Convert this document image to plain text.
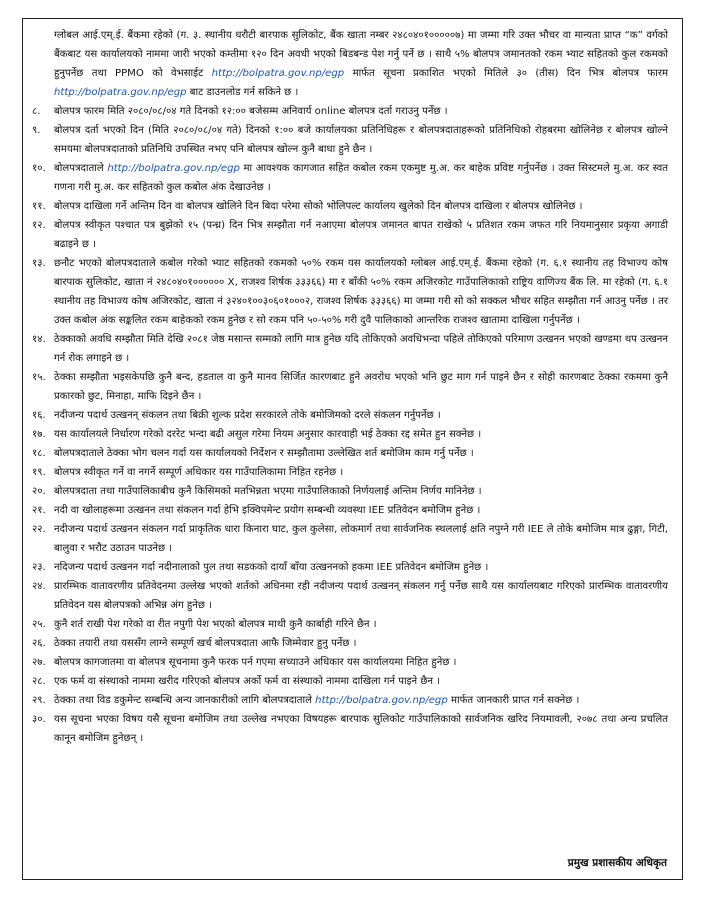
ग्लोबल आई.एम्.ई. बैंकमा रहेको (ग. ३. स्थानीय धरौटी बारपाक सुलिकोट, बैंक खाता नम्बर २४८०४०१०००००७) मा जम्मा गरि उक्त भौचर वा मान्यता प्राप्त “क” वर्गको बैंकबाट यस कार्यालयको नाममा जारी भएको कम्तीमा १२० दिन अवधी भएको बिडबन्ड पेश गर्नु पर्ने छ । साथै ५% बोलपत्र जमानतको रकम भ्याट सहितको कुल रकमको हुनुपर्नेछ तथा PPMO को वेभसाईट http://bolpatra.gov.np/egp मार्फत सूचना प्रकाशित भएको मितिले ३० (तीस) दिन भित्र बोलपत्र फारम http://bolpatra.gov.np/egp बाट डाउनलोड गर्न सकिने छ ।

८.	बोलपत्र फारम मिति २०८०/०८/०४ गते दिनको १२:०० बजेसम्म अनिवार्य online बोलपत्र दर्ता गराउनु पर्नेछ ।
९.	बोलपत्र दर्ता भएको दिन (मिति २०८०/०८/०४ गते) दिनको १:०० बजे कार्यालयका प्रतिनिधिहरू र बोलपत्रदाताहरूको प्रतिनिधिको रोहबरमा खोलिनेछ र बोलपत्र खोल्ने समयमा बोलपत्रदाताको प्रतिनिधि उपस्थित नभए पनि बोलपत्र खोल्न कुनै बाधा हुने छैन ।
१०. बोलपत्रदाताले http://bolpatra.gov.np/egp मा आवश्यक कागजात सहित कबोल रकम एकमुष्ट मु.अ. कर बाहेक प्रविष्ट गर्नुपर्नेछ । उक्त सिस्टमले मु.अ. कर स्वत गणना गरी मु.अ. कर सहितको कुल कबोल अंक देखाउनेछ ।
११. बोलपत्र दाखिला गर्ने अन्तिम दिन वा बोलपत्र खोलिने दिन बिदा परेमा सोको भोलिपल्ट कार्यालय खुलेको दिन बोलपत्र दाखिला र बोलपत्र खोलिनेछ ।
१२. बोलपत्र स्वीकृत पश्चात पत्र बुझेको १५ (पन्ध्र) दिन भित्र सम्झौता गर्न नआएमा बोलपत्र जमानत बापत राखेको ५ प्रतिशत रकम जफत गरि नियमानुसार प्रकृया अगाडी बढाइने छ ।
१३. छनौट भएको बोलपत्रदाताले कबोल गरेको भ्याट सहितको रकमको ५०% रकम यस कार्यालयको ग्लोबल आई.एम्.ई. बैंकमा रहेको (ग. ६.१ स्थानीय तह विभाज्य कोष बारपाक सुलिकोट, खाता नं २४८०४०१०००००० X, राजश्व शिर्षक ३३३६६) मा र बाँकी ५०% रकम अजिरकोट गाउँपालिकाको राष्ट्रिय वाणिज्य बैंक लि. मा रहेको (ग. ६.१ स्थानीय तह विभाज्य कोष अजिरकोट, खाता नं ३२४०१००३०६०१०००२, राजश्व शिर्षक ३३३६६) मा जम्मा गरी सो को सक्कल भौचर सहित सम्झौता गर्न आउनु पर्नेछ । तर उक्त कबोल अंक सङ्कलित रकम बाहेकको रकम हुनेछ र सो रकम पनि ५०-५०% गरी दुवै पालिकाको आन्तरिक राजश्व खातामा दाखिला गर्नुपर्नेछ ।
१४. ठेक्काको अवधि सम्झौता मिति देखि २०८१ जेष्ठ मसान्त सम्मको लागि मात्र हुनेछ यदि तोकिएको अवधिभन्दा पहिले तोकिएको परिमाण उत्खनन भएको खण्डमा थप उत्खनन गर्न रोक लगाइने छ ।
१५. ठेक्का सम्झौता भइसकेपछि कुनै बन्द, हडताल वा कुनै मानव सिर्जित कारणबाट हुने अवरोध भएको भनि छुट माग गर्न पाइने छैन र सोही कारणबाट ठेक्का रकममा कुनै प्रकारको छुट, मिनाहा, माफि दिइने छैन ।
१६. नदीजन्य पदार्थ उत्खनन् संकलन तथा बिक्री शुल्क प्रदेश सरकारले तोके बमोजिमको दरले संकलन गर्नुपर्नेछ ।
१७. यस कार्यालयले निर्धारण गरेको दररेट भन्दा बढी असुल गरेमा नियम अनुसार कारवाही भई ठेक्का रद्द समेत हुन सक्नेछ ।
१८. बोलपत्रदाताले ठेक्का भोग चलन गर्दा यस कार्यालयको निर्देशन र सम्झौतामा उल्लेखित शर्त बमोजिम काम गर्नु पर्नेछ ।
१९. बोलपत्र स्वीकृत गर्ने वा नगर्ने सम्पूर्ण अधिकार यस गाउँपालिकामा निहित रहनेछ ।
२०. बोलपत्रदाता तथा गाउँपालिकाबीच कुनै किसिमको मतभिन्नता भएमा गाउँपालिकाको निर्णयलाई अन्तिम निर्णय मानिनेछ ।
२१. नदी वा खोलाहरूमा उत्खनन तथा संकलन गर्दा हेभि इक्विपमेन्ट प्रयोग सम्बन्धी व्यवस्था IEE प्रतिवेदन बमोजिम हुनेछ ।
२२. नदीजन्य पदार्थ उत्खनन संकलन गर्दा प्राकृतिक धारा किनारा घाट, कुल कुलेसा, लोकमार्ग तथा सार्वजनिक स्थललाई क्षति नपुग्ने गरी IEE ले तोके बमोजिम मात्र ढुङ्गा, गिटी, बालुवा र भरौट उठाउन पाउनेछ ।
२३. नदिजन्य पदार्थ उत्खनन गर्दा नदीनालाको पुल तथा सडकको दायाँ बाँया उत्खननको हकमा IEE प्रतिवेदन बमोजिम हुनेछ ।
२४. प्रारम्भिक वातावरणीय प्रतिवेदनमा उल्लेख भएको शर्तको अधिनमा रही नदीजन्य पदार्थ उत्खनन् संकलन गर्नु पर्नेछ साथै यस कार्यालयबाट गरिएको प्रारम्भिक वातावरणीय प्रतिवेदन यस बोलपत्रको अभिन्न अंग हुनेछ ।
२५. कुनै शर्त राखी पेश गरेको वा रीत नपुगी पेश भएको बोलपत्र माथी कुनै कार्बाही गरिने छैन ।
२६. ठेक्का तयारी तथा यससँग लाग्ने सम्पूर्ण खर्च बोलपत्रदाता आफै जिम्मेवार हुनु पर्नेछ ।
२७. बोलपत्र कागजातमा वा बोलपत्र सूचनामा कुनै फरक पर्न गएमा सच्याउने अधिकार यस कार्यालयमा निहित हुनेछ ।
२८. एक फर्म वा संस्थाको नाममा खरीद गरिएको बोलपत्र अर्को फर्म वा संस्थाको नाममा दाखिला गर्न पाइने छैन ।
२९. ठेक्का तथा विड डकुमेन्ट सम्बन्धि अन्य जानकारीको लागि बोलपत्रदाताले http://bolpatra.gov.np/egp मार्फत जानकारी प्राप्त गर्न सक्नेछ ।
३०. यस सूचना भएका विषय यसै सूचना बमोजिम तथा उल्लेख नभएका विषयहरू बारपाक सुलिकोट गाउँपालिकाको सार्वजनिक खरिद नियमावली, २०७८ तथा अन्य प्रचलित कानून बमोजिम हुनेछन् ।
प्रमुख प्रशासकीय अधिकृत
